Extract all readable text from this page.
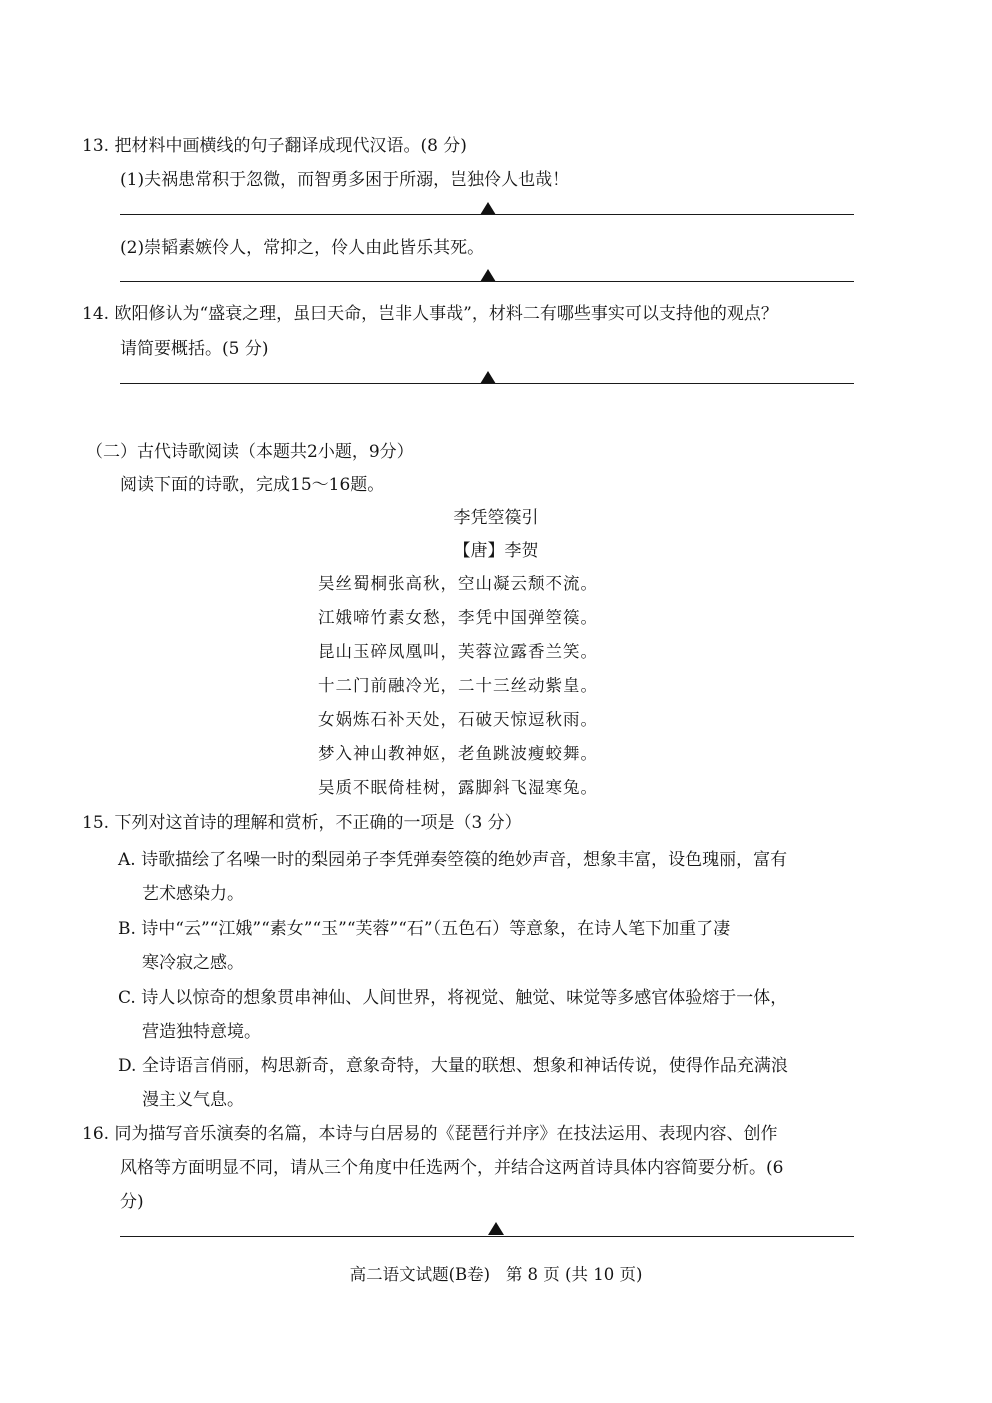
13. 把材料中画横线的句子翻译成现代汉语。(8 分)
(1)夫祸患常积于忽微，而智勇多困于所溺，岂独伶人也哉！
(2)崇韬素嫉伶人，常抑之，伶人由此皆乐其死。
14. 欧阳修认为“盛衰之理，虽曰天命，岂非人事哉”，材料二有哪些事实可以支持他的观点？
请简要概括。(5 分)
（二）古代诗歌阅读（本题共2小题，9分）
阅读下面的诗歌，完成15～16题。
李凭箜篌引
【唐】李贺
吴丝蜀桐张高秋，空山凝云颓不流。
江娥啼竹素女愁，李凭中国弹箜篌。
昆山玉碎凤凰叫，芙蓉泣露香兰笑。
十二门前融冷光，二十三丝动紫皇。
女娲炼石补天处，石破天惊逗秋雨。
梦入神山教神妪，老鱼跳波瘦蛟舞。
吴质不眠倚桂树，露脚斜飞湿寒兔。
15. 下列对这首诗的理解和赏析，不正确的一项是（3 分）
A. 诗歌描绘了名噪一时的梨园弟子李凭弹奏箜篌的绝妙声音，想象丰富，设色瑰丽，富有
艺术感染力。
B. 诗中“云”“江娥”“素女”“玉”“芙蓉”“石”（五色石）等意象，在诗人笔下加重了凄
寒冷寂之感。
C. 诗人以惊奇的想象贯串神仙、人间世界，将视觉、触觉、味觉等多感官体验熔于一体，
营造独特意境。
D. 全诗语言俏丽，构思新奇，意象奇特，大量的联想、想象和神话传说，使得作品充满浪
漫主义气息。
16. 同为描写音乐演奏的名篇，本诗与白居易的《琵琶行并序》在技法运用、表现内容、创作
风格等方面明显不同，请从三个角度中任选两个，并结合这两首诗具体内容简要分析。(6
分)
高二语文试题(B卷)   第 8 页 (共 10 页)
